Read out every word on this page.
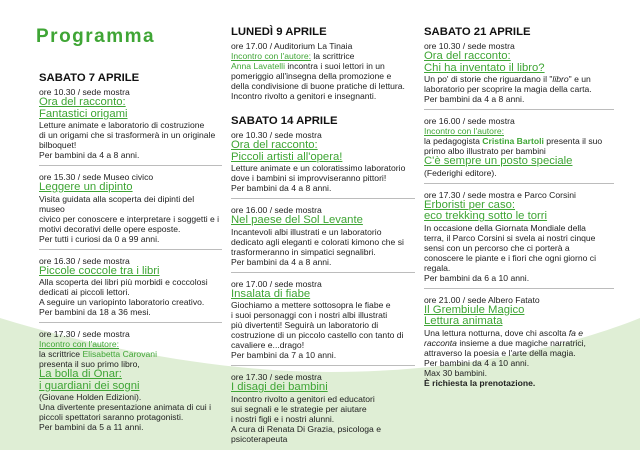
Programma
SABATO 7 APRILE
ore 10.30 / sede mostra
Ora del racconto:
Fantastici origami
Letture animate e laboratorio di costruzione
di un origami che si trasformerà in un originale
bilboquet!
Per bambini da 4 a 8 anni.
ore 15.30 / sede Museo civico
Leggere un dipinto
Visita guidata alla scoperta dei dipinti del museo
civico per conoscere e interpretare i soggetti e i
motivi decorativi delle opere esposte.
Per tutti i curiosi da 0 a 99 anni.
ore 16.30 / sede mostra
Piccole coccole tra i libri
Alla scoperta dei libri più morbidi e coccolosi
dedicati ai piccoli lettori.
A seguire un variopinto laboratorio creativo.
Per bambini da 18 a 36 mesi.
ore 17.30 / sede mostra
Incontro con l'autore:
la scrittrice Elisabetta Carovani
presenta il suo primo libro,
La bolla di Onar:
i guardiani dei sogni
(Giovane Holden Edizioni).
Una divertente presentazione animata di cui i
piccoli spettatori saranno protagonisti.
Per bambini da 5 a 11 anni.
LUNEDÌ 9 APRILE
ore 17.00 / Auditorium La Tinaia
Incontro con l'autore: la scrittrice
Anna Lavatelli incontra i suoi lettori in un
pomeriggio all'insegna della promozione e
della condivisione di buone pratiche di lettura.
Incontro rivolto a genitori e insegnanti.
SABATO 14 APRILE
ore 10.30 / sede mostra
Ora del racconto:
Piccoli artisti all'opera!
Letture animate e un coloratissimo laboratorio
dove i bambini si improvviseranno pittori!
Per bambini da 4 a 8 anni.
ore 16.00 / sede mostra
Nel paese del Sol Levante
Incantevoli albi illustrati e un laboratorio
dedicato agli eleganti e colorati kimono che si
trasformeranno in simpatici segnalibri.
Per bambini da 4 a 8 anni.
ore 17.00 / sede mostra
Insalata di fiabe
Giochiamo a mettere sottosopra le fiabe e
i suoi personaggi con i nostri albi illustrati
più divertenti! Seguirà un laboratorio di
costruzione di un piccolo castello con tanto di
cavaliere e...drago!
Per bambini da 7 a 10 anni.
ore 17.30 / sede mostra
I disagi dei bambini
Incontro rivolto a genitori ed educatori
sui segnali e le strategie per aiutare
i nostri figli e i nostri alunni.
A cura di Renata Di Grazia, psicologa e
psicoterapeuta
SABATO 21 APRILE
ore 10.30 / sede mostra
Ora del racconto:
Chi ha inventato il libro?
Un po' di storie che riguardano il "libro" e un
laboratorio per scoprire la magia della carta.
Per bambini da 4 a 8 anni.
ore 16.00 / sede mostra
Incontro con l'autore:
la pedagogista Cristina Bartoli presenta il suo
primo albo illustrato per bambini
C'è sempre un posto speciale
(Federighi editore).
ore 17.30 / sede mostra e Parco Corsini
Erboristi per caso:
eco trekking sotto le torri
In occasione della Giornata Mondiale della
terra, il Parco Corsini si svela ai nostri cinque
sensi con un percorso che ci porterà a
conoscere le piante e i fiori che ogni giorno ci
regala.
Per bambini da 6 a 10 anni.
ore 21.00 / sede Albero Fatato
Il Grembiule Magico
Lettura animata
Una lettura notturna, dove chi ascolta fa e
racconta insieme a due magiche narratrici,
attraverso la poesia e l'arte della magia.
Per bambini da 4 a 10 anni.
Max 30 bambini.
È richiesta la prenotazione.
